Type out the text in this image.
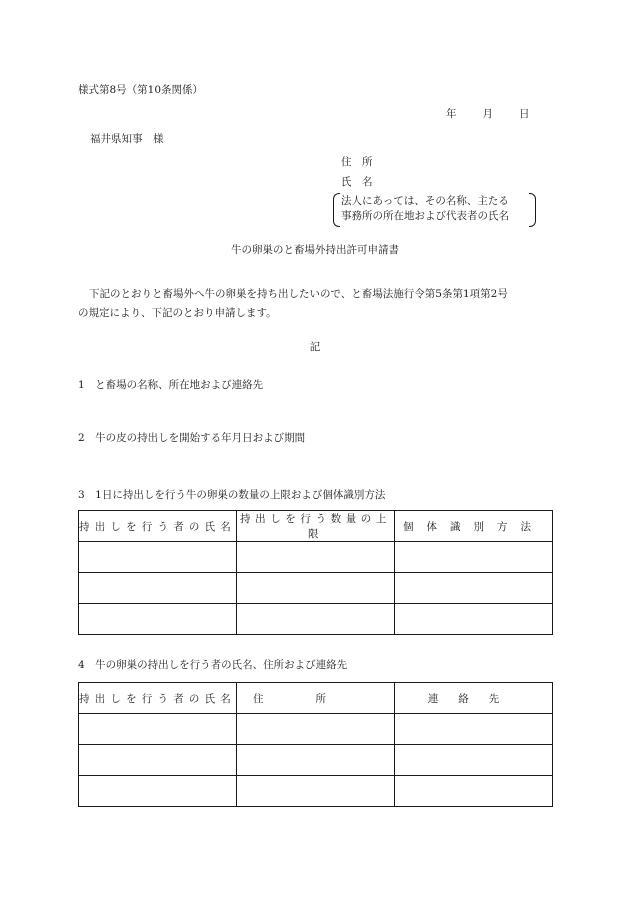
様式第8号（第10条関係）
年 月 日
福井県知事　様
住　所
氏　名
法人にあっては、その名称、主たる
事務所の所在地および代表者の氏名
牛の卵巣のと畜場外持出許可申請書
下記のとおりと畜場外へ牛の卵巣を持ち出したいので、と畜場法施行令第5条第1項第2号
の規定により、下記のとおり申請します。
記
1　と畜場の名称、所在地および連絡先
2　牛の皮の持出しを開始する年月日および期間
3　1日に持出しを行う牛の卵巣の数量の上限および個体識別方法
持出しを行う者の氏名	持出しを行う数量の上限	個体識別方法

4　牛の卵巣の持出しを行う者の氏名、住所および連絡先
持出しを行う者の氏名	住所	連絡先
